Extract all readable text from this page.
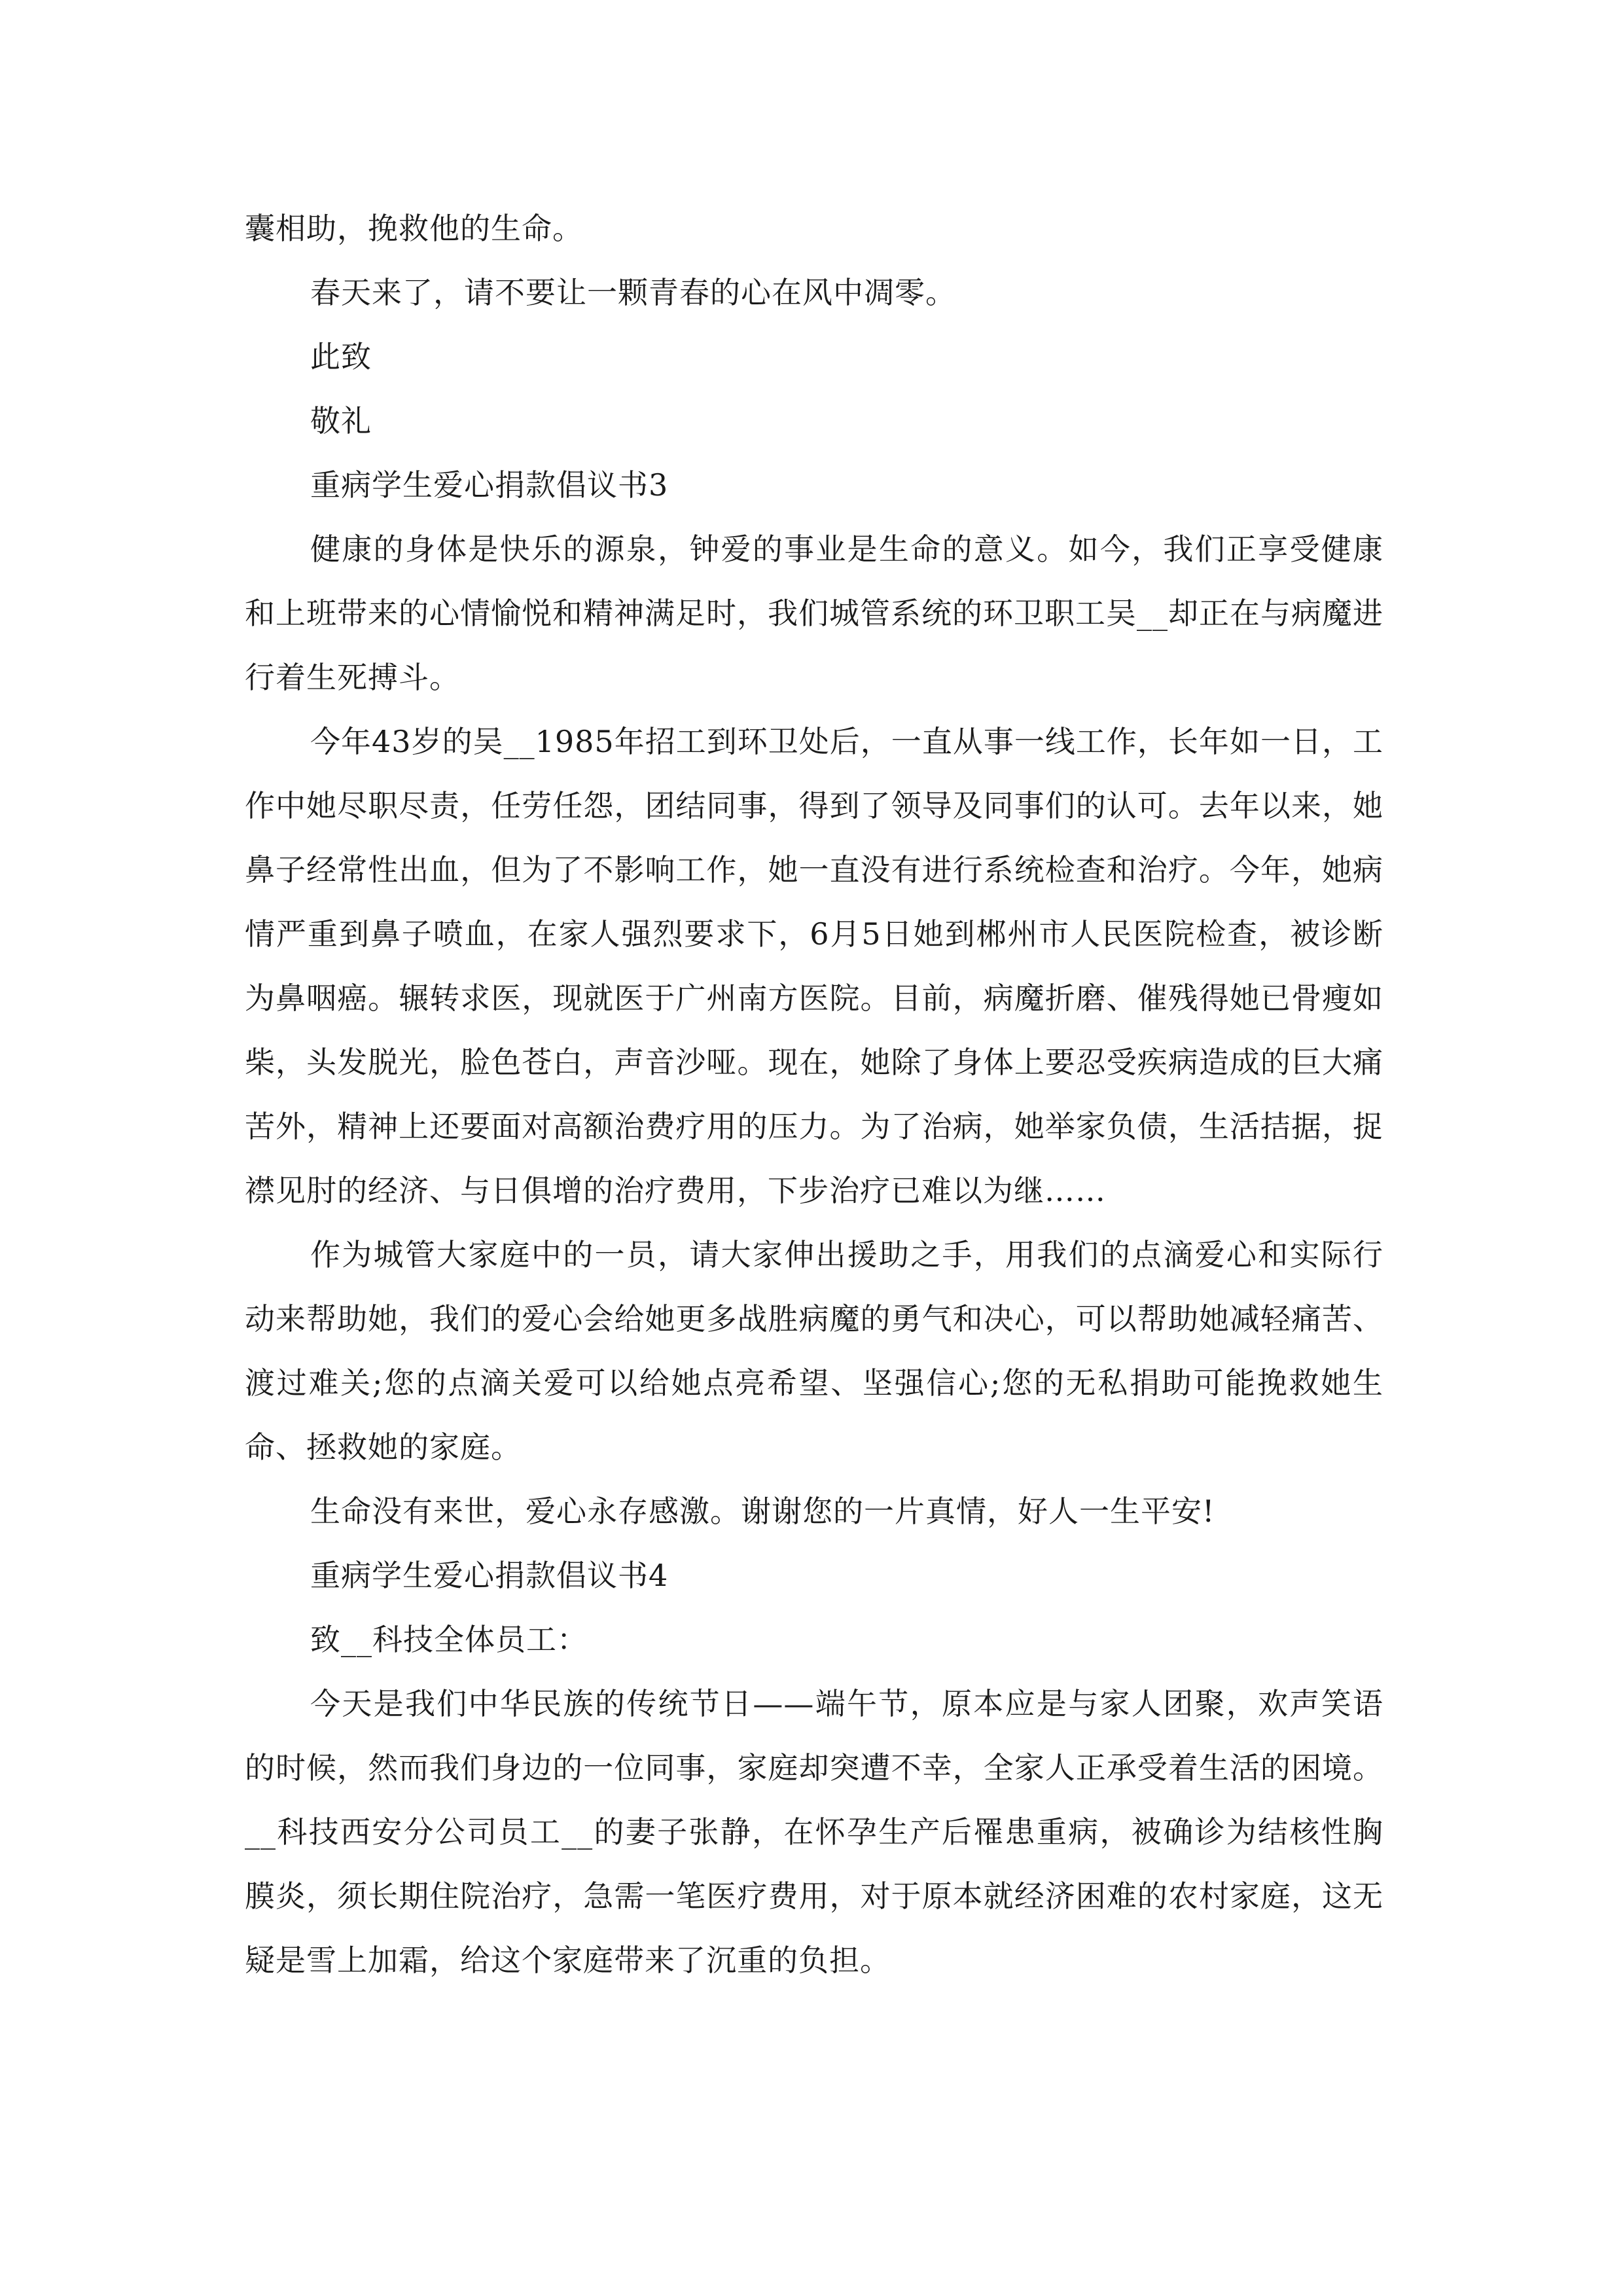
囊相助，挽救他的生命。

春天来了，请不要让一颗青春的心在风中凋零。

此致

敬礼

重病学生爱心捐款倡议书3

健康的身体是快乐的源泉，钟爱的事业是生命的意义。如今，我们正享受健康和上班带来的心情愉悦和精神满足时，我们城管系统的环卫职工吴__却正在与病魔进行着生死搏斗。

今年43岁的吴__1985年招工到环卫处后，一直从事一线工作，长年如一日，工作中她尽职尽责，任劳任怨，团结同事，得到了领导及同事们的认可。去年以来，她鼻子经常性出血，但为了不影响工作，她一直没有进行系统检查和治疗。今年，她病情严重到鼻子喷血，在家人强烈要求下，6月5日她到郴州市人民医院检查，被诊断为鼻咽癌。辗转求医，现就医于广州南方医院。目前，病魔折磨、催残得她已骨瘦如柴，头发脱光，脸色苍白，声音沙哑。现在，她除了身体上要忍受疾病造成的巨大痛苦外，精神上还要面对高额治费疗用的压力。为了治病，她举家负债，生活拮据，捉襟见肘的经济、与日俱增的治疗费用，下步治疗已难以为继……

作为城管大家庭中的一员，请大家伸出援助之手，用我们的点滴爱心和实际行动来帮助她，我们的爱心会给她更多战胜病魔的勇气和决心，可以帮助她减轻痛苦、渡过难关;您的点滴关爱可以给她点亮希望、坚强信心;您的无私捐助可能挽救她生命、拯救她的家庭。

生命没有来世，爱心永存感激。谢谢您的一片真情，好人一生平安!

重病学生爱心捐款倡议书4

致__科技全体员工：

今天是我们中华民族的传统节日——端午节，原本应是与家人团聚，欢声笑语的时候，然而我们身边的一位同事，家庭却突遭不幸，全家人正承受着生活的困境。__科技西安分公司员工__的妻子张静，在怀孕生产后罹患重病，被确诊为结核性胸膜炎，须长期住院治疗，急需一笔医疗费用，对于原本就经济困难的农村家庭，这无疑是雪上加霜，给这个家庭带来了沉重的负担。
